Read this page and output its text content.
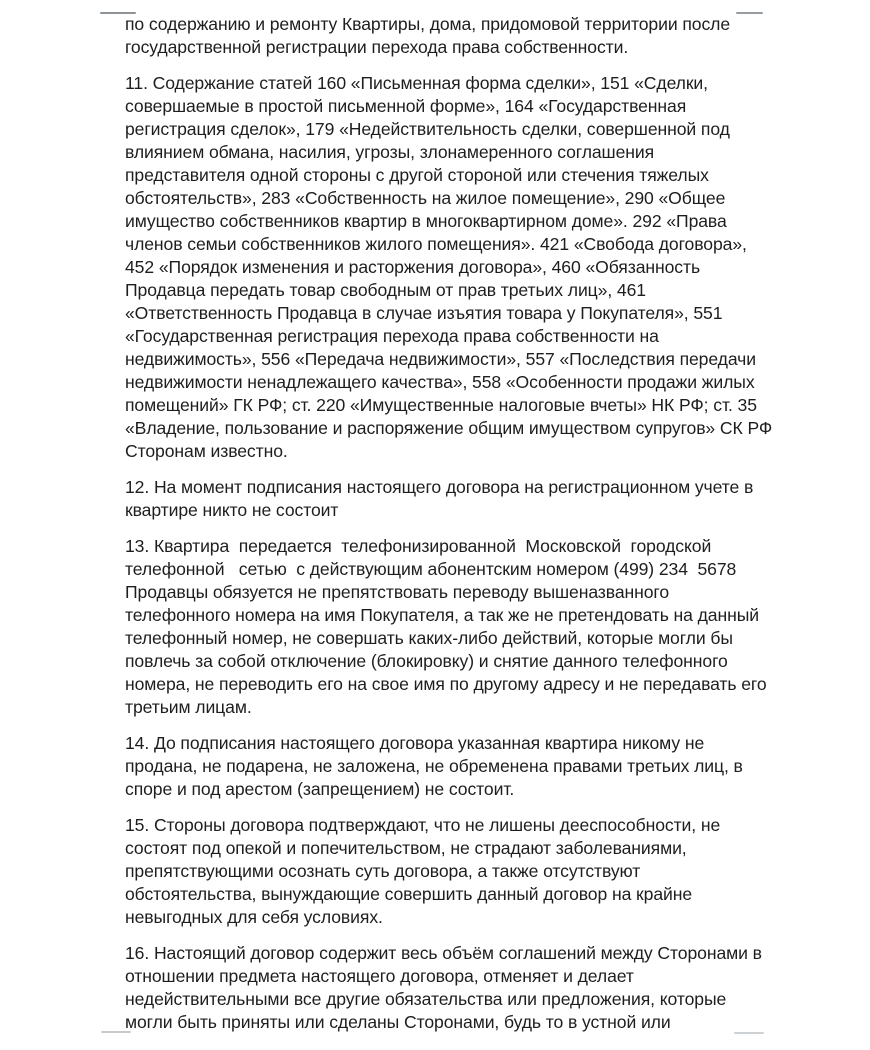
по содержанию и ремонту Квартиры, дома, придомовой территории после
государственной регистрации перехода права собственности.
11. Содержание статей 160 «Письменная форма сделки», 151 «Сделки,
совершаемые в простой письменной форме», 164 «Государственная
регистрация сделок», 179 «Недействительность сделки, совершенной под
влиянием обмана, насилия, угрозы, злонамеренного соглашения
представителя одной стороны с другой стороной или стечения тяжелых
обстоятельств», 283 «Собственность на жилое помещение», 290 «Общее
имущество собственников квартир в многоквартирном доме». 292 «Права
членов семьи собственников жилого помещения». 421 «Свобода договора»,
452 «Порядок изменения и расторжения договора», 460 «Обязанность
Продавца передать товар свободным от прав третьих лиц», 461
«Ответственность Продавца в случае изъятия товара у Покупателя», 551
«Государственная регистрация перехода права собственности на
недвижимость», 556 «Передача недвижимости», 557 «Последствия передачи
недвижимости ненадлежащего качества», 558 «Особенности продажи жилых
помещений» ГК РФ; ст. 220 «Имущественные налоговые вчеты» НК РФ; ст. 35
«Владение, пользование и распоряжение общим имуществом супругов» СК РФ
Сторонам известно.
12. На момент подписания настоящего договора на регистрационном учете в
квартире никто не состоит
13. Квартира  передается  телефонизированной  Московской  городской
телефонной   сетью  с действующим абонентским номером (499) 234  5678
Продавцы обязуется не препятствовать переводу вышеназванного
телефонного номера на имя Покупателя, а так же не претендовать на данный
телефонный номер, не совершать каких-либо действий, которые могли бы
повлечь за собой отключение (блокировку) и снятие данного телефонного
номера, не переводить его на свое имя по другому адресу и не передавать его
третьим лицам.
14. До подписания настоящего договора указанная квартира никому не
продана, не подарена, не заложена, не обременена правами третьих лиц, в
споре и под арестом (запрещением) не состоит.
15. Стороны договора подтверждают, что не лишены дееспособности, не
состоят под опекой и попечительством, не страдают заболеваниями,
препятствующими осознать суть договора, а также отсутствуют
обстоятельства, вынуждающие совершить данный договор на крайне
невыгодных для себя условиях.
16. Настоящий договор содержит весь объём соглашений между Сторонами в
отношении предмета настоящего договора, отменяет и делает
недействительными все другие обязательства или предложения, которые
могли быть приняты или сделаны Сторонами, будь то в устной или
